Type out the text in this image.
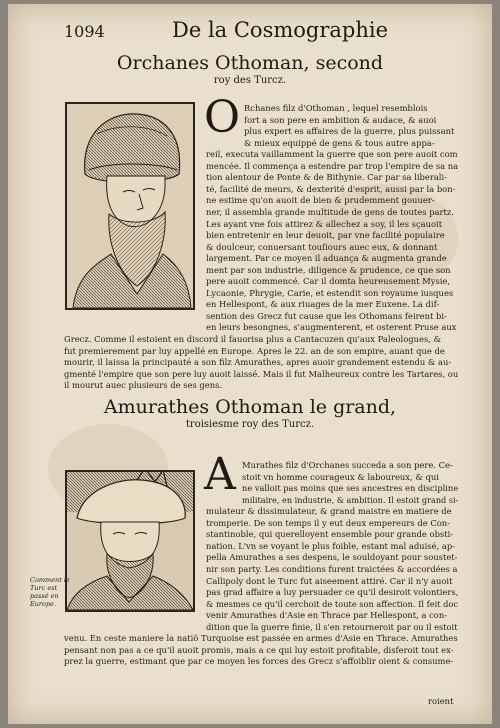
1094	De la Cosmographie
Orchanes Othoman, second
roy des Turcz.
O Rchanes filz d'Othoman , lequel resemblois
fort a son pere en ambition & audace, & auoi
plus expert es affaires de la guerre, plus puissant
& mieux equippé de gens & tous autre appa-
reil, executa vaillamment la guerre que son pere auoit com
mencée. Il commença a estendre par trop l'empire de sa na
tion alentour de Ponte & de Bithynie. Car par sa liberali-
té, facilité de meurs, & dexterité d'esprit, aussi par la bon-
ne estime qu'on auoit de bien & prudemment gouuer-
ner, il assembla grande multitude de gens de toutes partz.
Les ayant vne fois attirez & allechez a soy, il les sçauoit
bien entretenir en leur deuoit, par vne facilité populaire
& doulceur, conuersant touſiours auec eux, & donnant
largement. Par ce moyen il aduança & augmenta grande
ment par son industrie, diligence & prudence, ce que son
pere auoit commencé. Car il domta heureusement Mysie,
Lycaonie, Phrygie, Carie, et estendit son royaume iusques
en Hellespont, & aux riuages de la mer Euxene. La dif-
sention des Grecz fut cause que les Othomans feirent bi-
en leurs besongnes, s'augmenterent, et osterent Pruse aux
Grecz. Comme il estoient en discord il fauorisa plus a Cantacuzen qu'aux Paleologues, &
fut premierement par luy appellé en Europe. Apres le 22. an de son empire, auant que de
mourir, il laissa la principauté a son filz Amurathes, apres auoir grandement estendu & au-
gmenté l'empire que son pere luy auoit laissé. Mais il fut Malheureux contre les Tartares, ou
il mourut auec plusieurs de ses gens.
Amurathes Othoman le grand,
troisiesme roy des Turcz.
Comment le Turc est passé en Europe.
A Murathes filz d'Orchanes succeda a son pere. Ce-
stoit vn homme courageux & laboureux, & qui
ne valloit pas moins que ses ancestres en discipline
militaire, en industrie, & ambition. Il estoit grand si-
mulateur & dissimulateur, & grand maistre en matiere de
tromperie. De son temps il y eut deux empereurs de Con-
stantinoble, qui querelloyent ensemble pour grande obsti-
nation. L'vn se voyant le plus foible, estant mal aduisé, ap-
pella Amurathes a ses despens, le souldoyant pour soustet-
nir son party. Les conditions furent traictées & accordées a
Callipoly dont le Turc fut aiseement attiré. Car il n'y auoit
pas grad affaire a luy persuader ce qu'il desiroit volontiers,
& mesmes ce qu'il cerchoit de toute son affection. Il feit doc
venir Amurathes d'Asie en Thrace par Hellespont, a con-
dition que la guerre finie, il s'en retourneroit par ou il estoit
venu. En ceste maniere la natiõ Turquoise est passée en armes d'Asie en Thrace. Amurathes
pensant non pas a ce qu'il auoit promis, mais a ce qui luy estoit profitable, disferoit tout ex-
prez la guerre, estimant que par ce moyen les forces des Grecz s'affoiblir oient & consume-
roient
